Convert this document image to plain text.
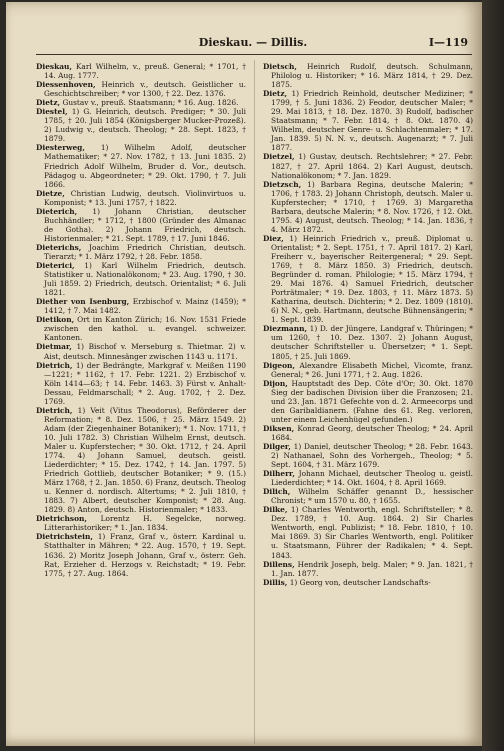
Dieskau. — Dillis.	I—119
Dieskau, Karl Wilhelm, v., preuß. General; * 1701, † 14. Aug. 1777.
Diessenhoven, Heinrich v., deutsch. Geistlicher u. Geschichtschreiber; * vor 1300, † 22. Dez. 1376.
Dietz, Gustav v., preuß. Staatsmann; * 16. Aug. 1826.
Diestel, 1) G. Heinrich, deutsch. Prediger; * 30. Juli 1785, † 20. Juli 1854 (Königsberger Mucker-Prozeß). 2) Ludwig v., deutsch. Theolog; * 28. Sept. 1823, † 1879.
Diesterweg, 1) Wilhelm Adolf, deutscher Mathematiker; * 27. Nov. 1782, † 13. Juni 1835. 2) Friedrich Adolf Wilhelm, Bruder d. Vor., deutsch. Pädagog u. Abgeordneter; * 29. Okt. 1790, † 7. Juli 1866.
Dietze, Christian Ludwig, deutsch. Violinvirtuos u. Komponist; * 13. Juni 1757, † 1822.
Dieterich, 1) Johann Christian, deutscher Buchhändler; * 1712, † 1800 (Gründer des Almanac de Gotha). 2) Johann Friedrich, deutsch. Historienmaler; * 21. Sept. 1789, † 17. Juni 1846.
Dieterichs, Joachim Friedrich Christian, deutsch. Tierarzt; * 1. März 1792, † 28. Febr. 1858.
Dieterici, 1) Karl Wilhelm Friedrich, deutsch. Statistiker u. Nationalökonom; * 23. Aug. 1790, † 30. Juli 1859. 2) Friedrich, deutsch. Orientalist; * 6. Juli 1821.
Diether von Isenburg, Erzbischof v. Mainz (1459); * 1412, † 7. Mai 1482.
Dietikon, Ort im Kanton Zürich; 16. Nov. 1531 Friede zwischen den kathol. u. evangel. schweizer. Kantonen.
Dietmar, 1) Bischof v. Merseburg s. Thietmar. 2) v. Aist, deutsch. Minnesänger zwischen 1143 u. 1171.
Dietrich, 1) der Bedrängte, Markgraf v. Meißen 1190—1221; * 1162, † 17. Febr. 1221. 2) Erzbischof v. Köln 1414—63; † 14. Febr. 1463. 3) Fürst v. Anhalt-Dessau, Feldmarschall; * 2. Aug. 1702, † 2. Dez. 1769.
Dietrich, 1) Veit (Vitus Theodorus), Beförderer der Reformation; * 8. Dez. 1506, † 25. März 1549. 2) Adam (der Ziegenhainer Botaniker); * 1. Nov. 1711, † 10. Juli 1782. 3) Christian Wilhelm Ernst, deutsch. Maler u. Kupferstecher; * 30. Okt. 1712, † 24. April 1774. 4) Johann Samuel, deutsch. geistl. Liederdichter; * 15. Dez. 1742, † 14. Jan. 1797. 5) Friedrich Gottlieb, deutscher Botaniker; * 9. (15.) März 1768, † 2. Jan. 1850. 6) Franz, deutsch. Theolog u. Kenner d. nordisch. Altertums; * 2. Juli 1810, † 1883. 7) Albert, deutscher Komponist; * 28. Aug. 1829. 8) Anton, deutsch. Historienmaler; * 1833.
Dietrichson, Lorentz H. Segelcke, norweg. Litterarhistoriker; * 1. Jan. 1834.
Dietrichstein, 1) Franz, Graf v., österr. Kardinal u. Statthalter in Mähren; * 22. Aug. 1570, † 19. Sept. 1636. 2) Moritz Joseph Johann, Graf v., österr. Geh. Rat, Erzieher d. Herzogs v. Reichstadt; * 19. Febr. 1775, † 27. Aug. 1864.
Dietsch, Heinrich Rudolf, deutsch. Schulmann, Philolog u. Historiker; * 16. März 1814, † 29. Dez. 1875.
Dietz, 1) Friedrich Reinhold, deutscher Mediziner; * 1799, † 5. Juni 1836. 2) Feodor, deutscher Maler; * 29. Mai 1813, † 18. Dez. 1870. 3) Rudolf, badischer Staatsmann; * 7. Febr. 1814, † 8. Okt. 1870. 4) Wilhelm, deutscher Genre- u. Schlachtenmaler; * 17. Jan. 1839. 5) N. N. v., deutsch. Augenarzt; * 7. Juli 1877.
Dietzel, 1) Gustav, deutsch. Rechtslehrer; * 27. Febr. 1827, † 27. April 1864. 2) Karl August, deutsch. Nationalökonom; * 7. Jan. 1829.
Dietzsch, 1) Barbara Regina, deutsche Malerin; * 1706, † 1783. 2) Johann Christoph, deutsch. Maler u. Kupferstecher; * 1710, † 1769. 3) Margaretha Barbara, deutsche Malerin; * 8. Nov. 1726, † 12. Okt. 1795. 4) August, deutsch. Theolog; * 14. Jan. 1836, † 4. März 1872.
Diez, 1) Heinrich Friedrich v., preuß. Diplomat u. Orientalist; * 2. Sept. 1751, † 7. April 1817. 2) Karl, Freiherr v., bayerischer Reitergeneral; * 29. Sept. 1769, † 8. März 1850. 3) Friedrich, deutsch. Begründer d. roman. Philologie; * 15. März 1794, † 29. Mai 1876. 4) Samuel Friedrich, deutscher Porträtmaler; * 19. Dez. 1803, † 11. März 1873. 5) Katharina, deutsch. Dichterin; * 2. Dez. 1809 (1810). 6) N. N., geb. Hartmann, deutsche Bühnensängerin; * 1. Sept. 1839.
Diezmann, 1) D. der Jüngere, Landgraf v. Thüringen; * um 1260, † 10. Dez. 1307. 2) Johann August, deutscher Schriftsteller u. Übersetzer; * 1. Sept. 1805, † 25. Juli 1869.
Digeon, Alexandre Elisabeth Michel, Vicomte, franz. General; * 26. Juni 1771, † 2. Aug. 1826.
Dijon, Hauptstadt des Dep. Côte d'Or; 30. Okt. 1870 Sieg der badischen Division über die Franzosen; 21. und 23. Jan. 1871 Gefechte von d. 2. Armeecorps und den Garibaldianern. (Fahne des 61. Reg. verloren, unter einem Leichenhügel gefunden.)
Diksen, Konrad Georg, deutscher Theolog; * 24. April 1684.
Dilger, 1) Daniel, deutscher Theolog; * 28. Febr. 1643. 2) Nathanael, Sohn des Vorhergeh., Theolog; * 5. Sept. 1604, † 31. März 1679.
Dilherr, Johann Michael, deutscher Theolog u. geistl. Liederdichter; * 14. Okt. 1604, † 8. April 1669.
Dilich, Wilhelm Schäffer genannt D., hessischer Chronist; * um 1570 u. 80, † 1655.
Dilke, 1) Charles Wentworth, engl. Schriftsteller; * 8. Dez. 1789, † 10. Aug. 1864. 2) Sir Charles Wentworth, engl. Publizist; * 18. Febr. 1810, † 10. Mai 1869. 3) Sir Charles Wentworth, engl. Politiker u. Staatsmann, Führer der Radikalen; * 4. Sept. 1843.
Dillens, Hendrik Joseph, belg. Maler; * 9. Jan. 1821, † 1. Jan. 1877.
Dillis, 1) Georg von, deutscher Landschafts-
